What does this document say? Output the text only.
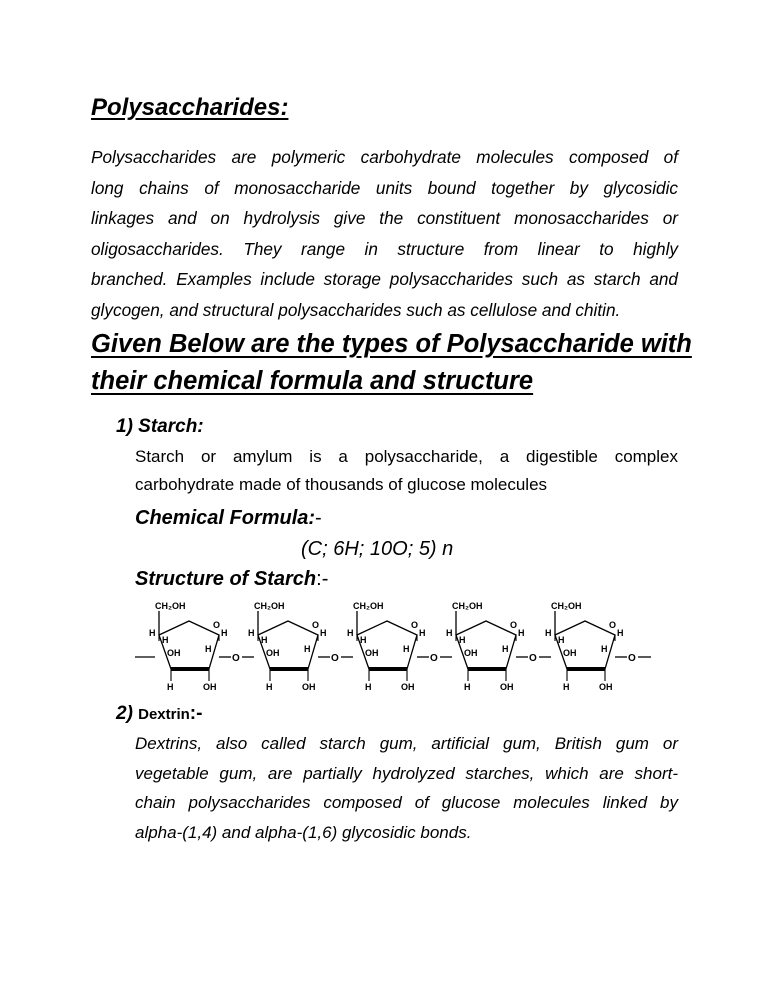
Polysaccharides:

Polysaccharides are polymeric carbohydrate molecules composed of
long chains of monosaccharide units bound together by glycosidic
linkages and on hydrolysis give the constituent monosaccharides or
oligosaccharides. They range in structure from linear to highly
branched. Examples include storage polysaccharides such as starch and
glycogen, and structural polysaccharides such as cellulose and chitin.

Given Below are the types of Polysaccharide with
their chemical formula and structure
1) Starch:

Starch or amylum is a polysaccharide, a digestible complex
carbohydrate made of thousands of glucose molecules

Chemical Formula:-

(C; 6H; 10O; 5) n

Structure of Starch:-

CH₂OH
O
H
H
H
H
H
OH
OH
O
CH₂OH
O
H
H
H
H
H
OH
OH
O
CH₂OH
O
H
H
H
H
H
OH
OH
O
CH₂OH
O
H
H
H
H
H
OH
OH
O
CH₂OH
O
H
H
H
H
H
OH
OH
O
2) Dextrin:-

Dextrins, also called starch gum, artificial gum, British gum or
vegetable gum, are partially hydrolyzed starches, which are short-
chain polysaccharides composed of glucose molecules linked by
alpha-(1,4) and alpha-(1,6) glycosidic bonds.
